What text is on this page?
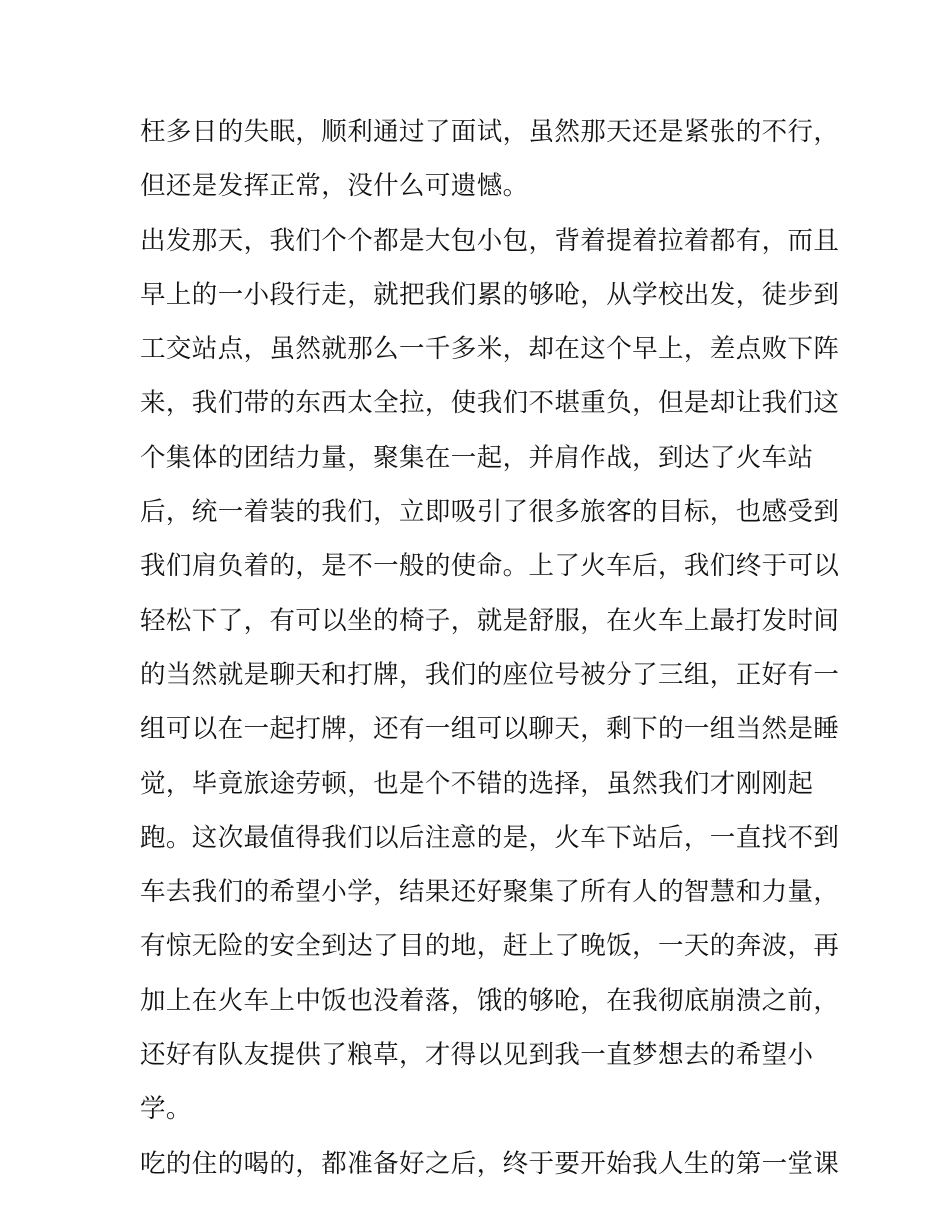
枉多日的失眠，顺利通过了面试，虽然那天还是紧张的不行，
但还是发挥正常，没什么可遗憾。
出发那天，我们个个都是大包小包，背着提着拉着都有，而且
早上的一小段行走，就把我们累的够呛，从学校出发，徒步到
工交站点，虽然就那么一千多米，却在这个早上，差点败下阵
来，我们带的东西太全拉，使我们不堪重负，但是却让我们这
个集体的团结力量，聚集在一起，并肩作战，到达了火车站
后，统一着装的我们，立即吸引了很多旅客的目标，也感受到
我们肩负着的，是不一般的使命。上了火车后，我们终于可以
轻松下了，有可以坐的椅子，就是舒服，在火车上最打发时间
的当然就是聊天和打牌，我们的座位号被分了三组，正好有一
组可以在一起打牌，还有一组可以聊天，剩下的一组当然是睡
觉，毕竟旅途劳顿，也是个不错的选择，虽然我们才刚刚起
跑。这次最值得我们以后注意的是，火车下站后，一直找不到
车去我们的希望小学，结果还好聚集了所有人的智慧和力量，
有惊无险的安全到达了目的地，赶上了晚饭，一天的奔波，再
加上在火车上中饭也没着落，饿的够呛，在我彻底崩溃之前，
还好有队友提供了粮草，才得以见到我一直梦想去的希望小
学。
吃的住的喝的，都准备好之后，终于要开始我人生的第一堂课
